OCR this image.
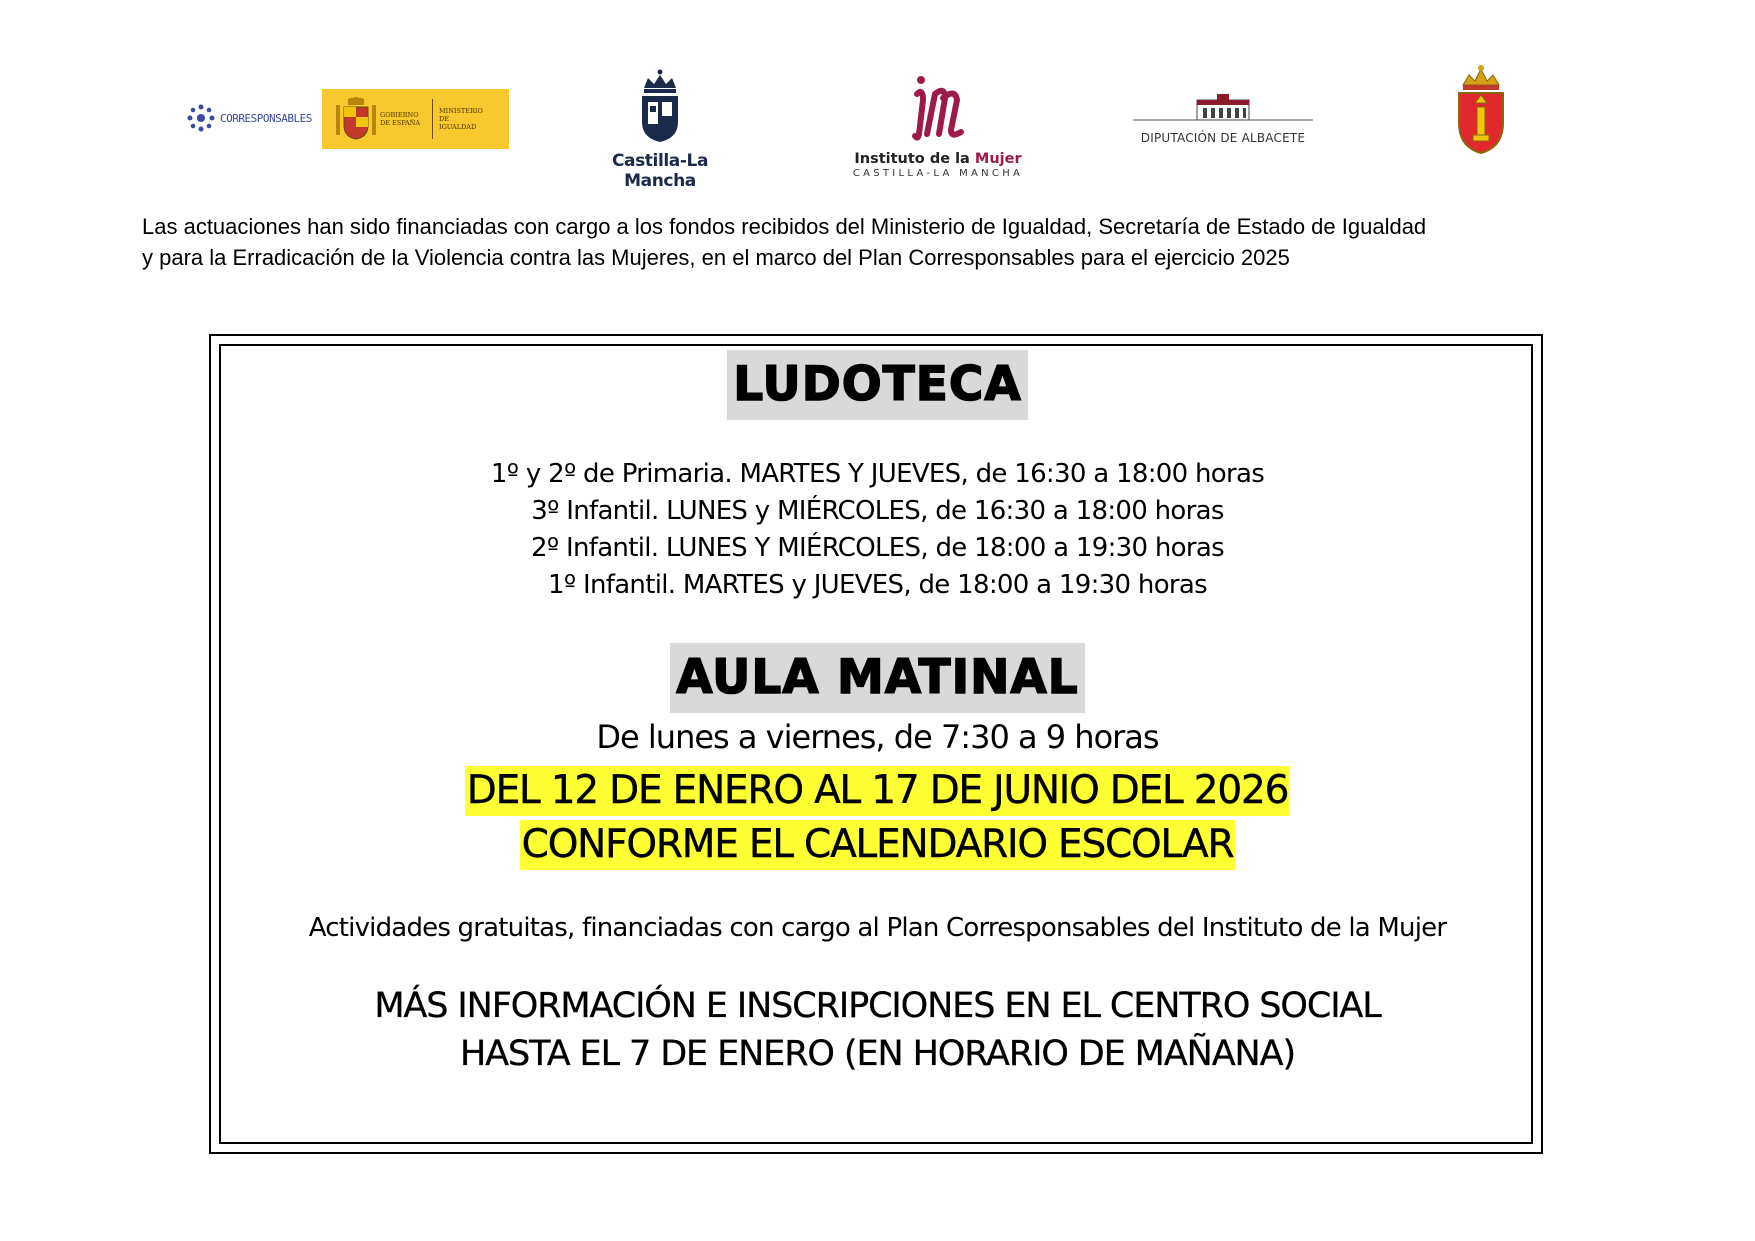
CORRESPONSABLES	GOBIERNO DE ESPAÑA
MINISTERIO DE IGUALDAD
Castilla-La Mancha
Instituto de la Mujer
CASTILLA-LA MANCHA
DIPUTACIÓN DE ALBACETE
Las actuaciones han sido financiadas con cargo a los fondos recibidos del Ministerio de Igualdad, Secretaría de Estado de Igualdad
y para la Erradicación de la Violencia contra las Mujeres, en el marco del Plan Corresponsables para el ejercicio 2025
LUDOTECA
1º y 2º de Primaria. MARTES Y JUEVES, de 16:30 a 18:00 horas
3º Infantil. LUNES y MIÉRCOLES, de 16:30 a 18:00 horas
2º Infantil. LUNES Y MIÉRCOLES, de 18:00 a 19:30 horas
1º Infantil. MARTES y JUEVES, de 18:00 a 19:30 horas
AULA MATINAL
De lunes a viernes, de 7:30 a 9 horas
DEL 12 DE ENERO AL 17 DE JUNIO DEL 2026
CONFORME EL CALENDARIO ESCOLAR
Actividades gratuitas, financiadas con cargo al Plan Corresponsables del Instituto de la Mujer
MÁS INFORMACIÓN E INSCRIPCIONES EN EL CENTRO SOCIAL
HASTA EL 7 DE ENERO (EN HORARIO DE MAÑANA)
